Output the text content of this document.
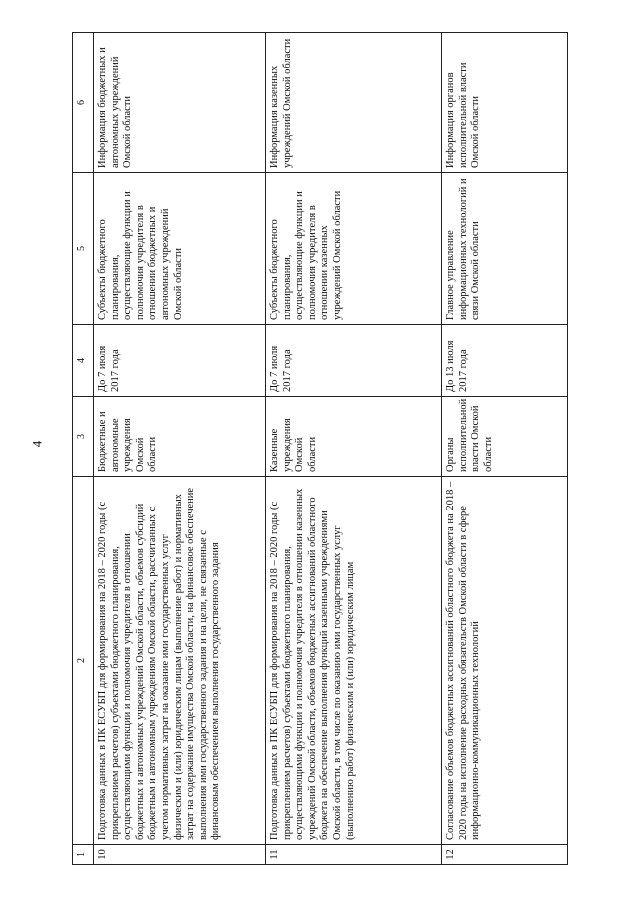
4
1	2	3	4	5	6
10	Подготовка данных в ПК ЕСУБП для формирования на 2018 – 2020 годы (с прикреплением расчетов) субъектами бюджетного планирования, осуществляющими функции и полномочия учредителя в отношении бюджетных и автономных учреждений Омской области, объемов субсидий бюджетным и автономным учреждениям Омской области, рассчитанных с учетом нормативных затрат на оказание ими государственных услуг физическим и (или) юридическим лицам (выполнение работ) и нормативных затрат на содержание имущества Омской области, на финансовое обеспечение выполнения ими государственного задания и на цели, не связанные с финансовым обеспечением выполнения государственного задания	Бюджетные и автономные учреждения Омской области	До 7 июля 2017 года	Субъекты бюджетного планирования, осуществляющие функции и полномочия учредителя в отношении бюджетных и автономных учреждений Омской области	Информация бюджетных и автономных учреждений Омской области
11	Подготовка данных в ПК ЕСУБП для формирования на 2018 – 2020 годы (с прикреплением расчетов) субъектами бюджетного планирования, осуществляющими функции и полномочия учредителя в отношении казенных учреждений Омской области, объемов бюджетных ассигнований областного бюджета на обеспечение выполнения функций казенными учреждениями Омской области, в том числе по оказанию ими государственных услуг (выполнению работ) физическим и (или) юридическим лицам	Казенные учреждения Омской области	До 7 июля 2017 года	Субъекты бюджетного планирования, осуществляющие функции и полномочия учредителя в отношении казенных учреждений Омской области	Информация казенных учреждений Омской области
12	Согласование объемов бюджетных ассигнований областного бюджета на 2018 – 2020 годы на исполнение расходных обязательств Омской области в сфере информационно-коммуникационных технологий	Органы исполнительной власти Омской области	До 13 июля 2017 года	Главное управление информационных технологий и связи Омской области	Информация органов исполнительной власти Омской области
